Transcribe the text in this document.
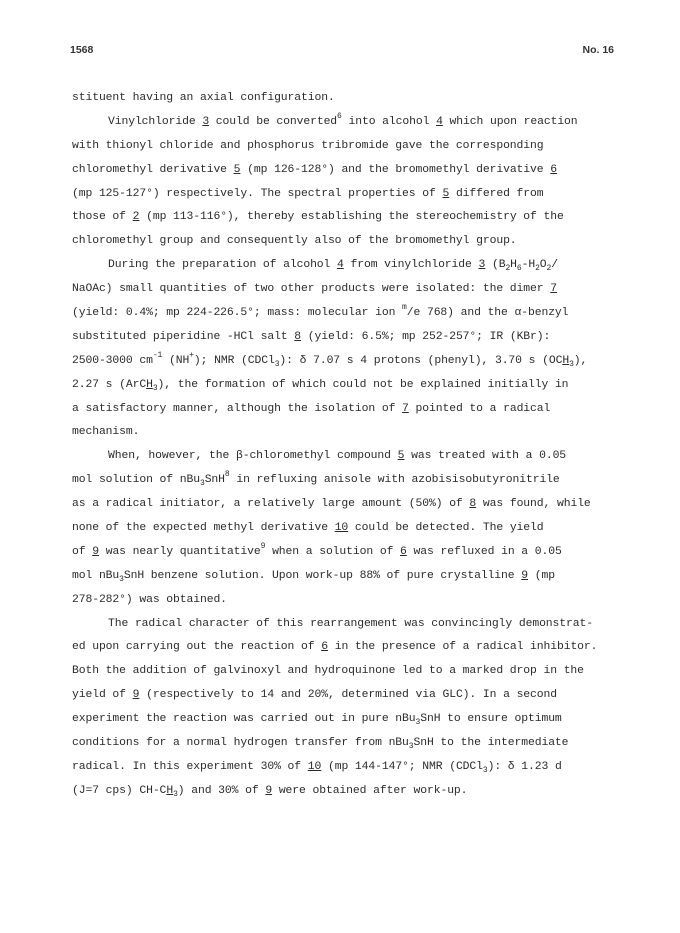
1568	No. 16
stituent having an axial configuration.
Vinylchloride 3 could be converted$^6$ into alcohol 4 which upon reaction
with thionyl chloride and phosphorus tribromide gave the corresponding
chloromethyl derivative 5 (mp 126-128°) and the bromomethyl derivative 6
(mp 125-127°) respectively. The spectral properties of 5 differed from
those of 2 (mp 113-116°), thereby establishing the stereochemistry of the
chloromethyl group and consequently also of the bromomethyl group.
During the preparation of alcohol 4 from vinylchloride 3 ($B_2H_6-H_2O_2/$
NaOAc) small quantities of two other products were isolated: the dimer 7
(yield: 0.4%; mp 224-226.5°; mass: molecular ion $^m$/e 768) and the α-benzyl
substituted piperidine -HCl salt 8 (yield: 6.5%; mp 252-257°; IR (KBr):
2500-3000 $cm^{-1}$ (NH+); NMR (CDCl$_3$): δ 7.07 s 4 protons (phenyl), 3.70 s $(OCH_3)$,
2.27 s (ArCH$_3$), the formation of which could not be explained initially in
a satisfactory manner, although the isolation of 7 pointed to a radical
mechanism.
When, however, the β-chloromethyl compound 5 was treated with a 0.05
mol solution of nBu$_3$SnH$^8$ in refluxing anisole with azobisisobutyronitrile
as a radical initiator, a relatively large amount (50%) of 8 was found, while
none of the expected methyl derivative 10 could be detected. The yield
of 9 was nearly quantitative$^9$ when a solution of 6 was refluxed in a 0.05
mol nBu$_3$SnH benzene solution. Upon work-up 88% of pure crystalline 9 (mp
278-282°) was obtained.
The radical character of this rearrangement was convincingly demonstrat-
ed upon carrying out the reaction of 6 in the presence of a radical inhibitor.
Both the addition of galvinoxyl and hydroquinone led to a marked drop in the
yield of 9 (respectively to 14 and 20%, determined via GLC). In a second
experiment the reaction was carried out in pure nBu$_3$SnH to ensure optimum
conditions for a normal hydrogen transfer from nBu$_3$SnH to the intermediate
radical. In this experiment 30% of 10 (mp 144-147°; NMR (CDCl$_3$): δ 1.23 d
(J=7 cps) $CH-CH_3$) and 30% of 9 were obtained after work-up.
